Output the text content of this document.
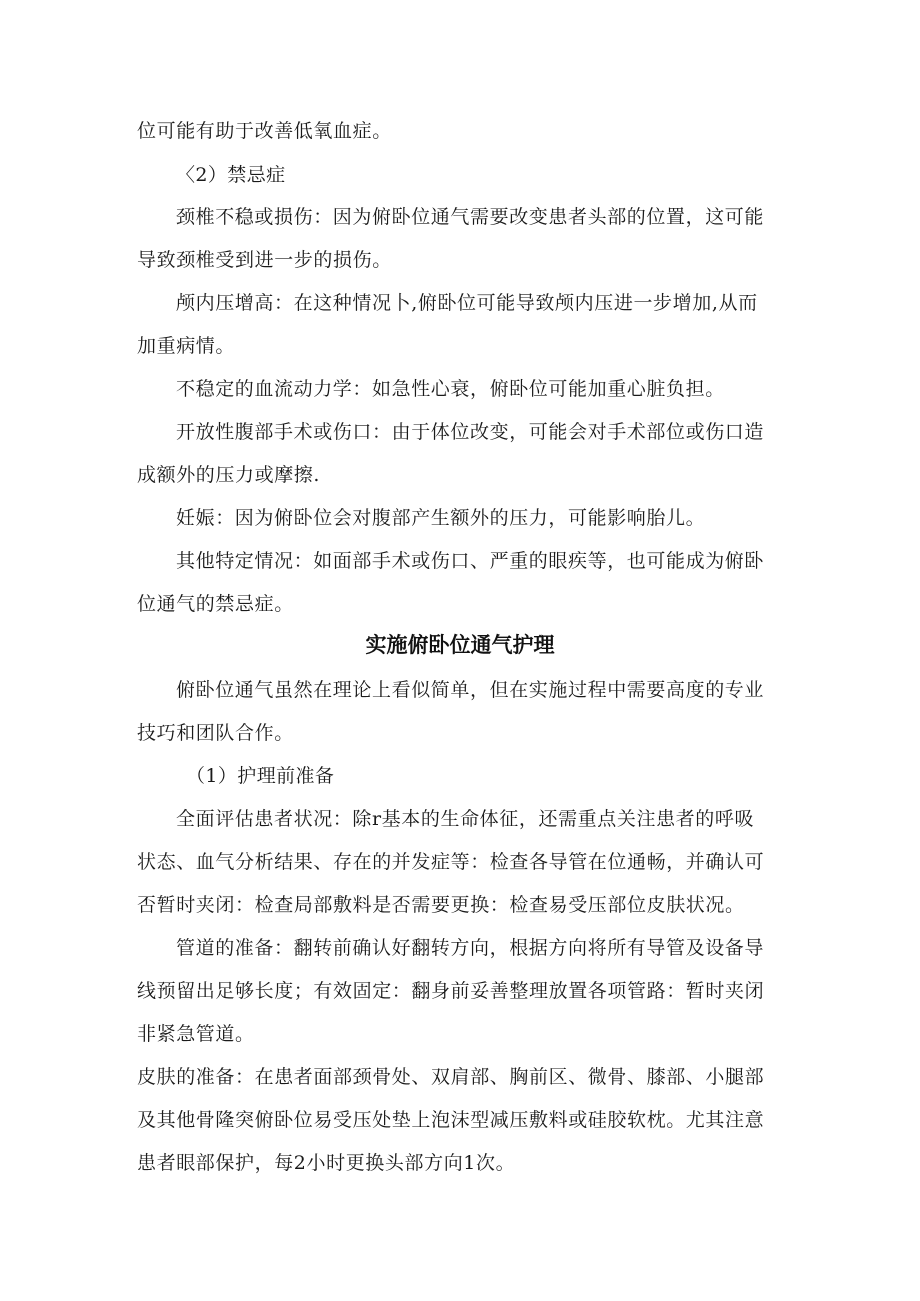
位可能有助于改善低氧血症。

〈2）禁忌症

颈椎不稳或损伤：因为俯卧位通气需要改变患者头部的位置，这可能

导致颈椎受到进一步的损伤。

颅内压增高：在这种情况卜,俯卧位可能导致颅内压进一步增加,从而

加重病情。

不稳定的血流动力学：如急性心衰，俯卧位可能加重心脏负担。

开放性腹部手术或伤口：由于体位改变，可能会对手术部位或伤口造

成额外的压力或摩擦.

妊娠：因为俯卧位会对腹部产生额外的压力，可能影响胎儿。

其他特定情况：如面部手术或伤口、严重的眼疾等，也可能成为俯卧

位通气的禁忌症。

实施俯卧位通气护理

俯卧位通气虽然在理论上看似简单，但在实施过程中需要高度的专业

技巧和团队合作。

（1）护理前准备

全面评估患者状况：除r基本的生命体征，还需重点关注患者的呼吸

状态、血气分析结果、存在的并发症等：检查各导管在位通畅，并确认可

否暂时夹闭：检查局部敷料是否需要更换：检查易受压部位皮肤状况。

管道的准备：翻转前确认好翻转方向，根据方向将所有导管及设备导

线预留出足够长度；有效固定：翻身前妥善整理放置各项管路：暂时夹闭

非紧急管道。

皮肤的准备：在患者面部颈骨处、双肩部、胸前区、微骨、膝部、小腿部

及其他骨隆突俯卧位易受压处垫上泡沫型减压敷料或硅胶软枕。尤其注意

患者眼部保护，每2小时更换头部方向1次。
